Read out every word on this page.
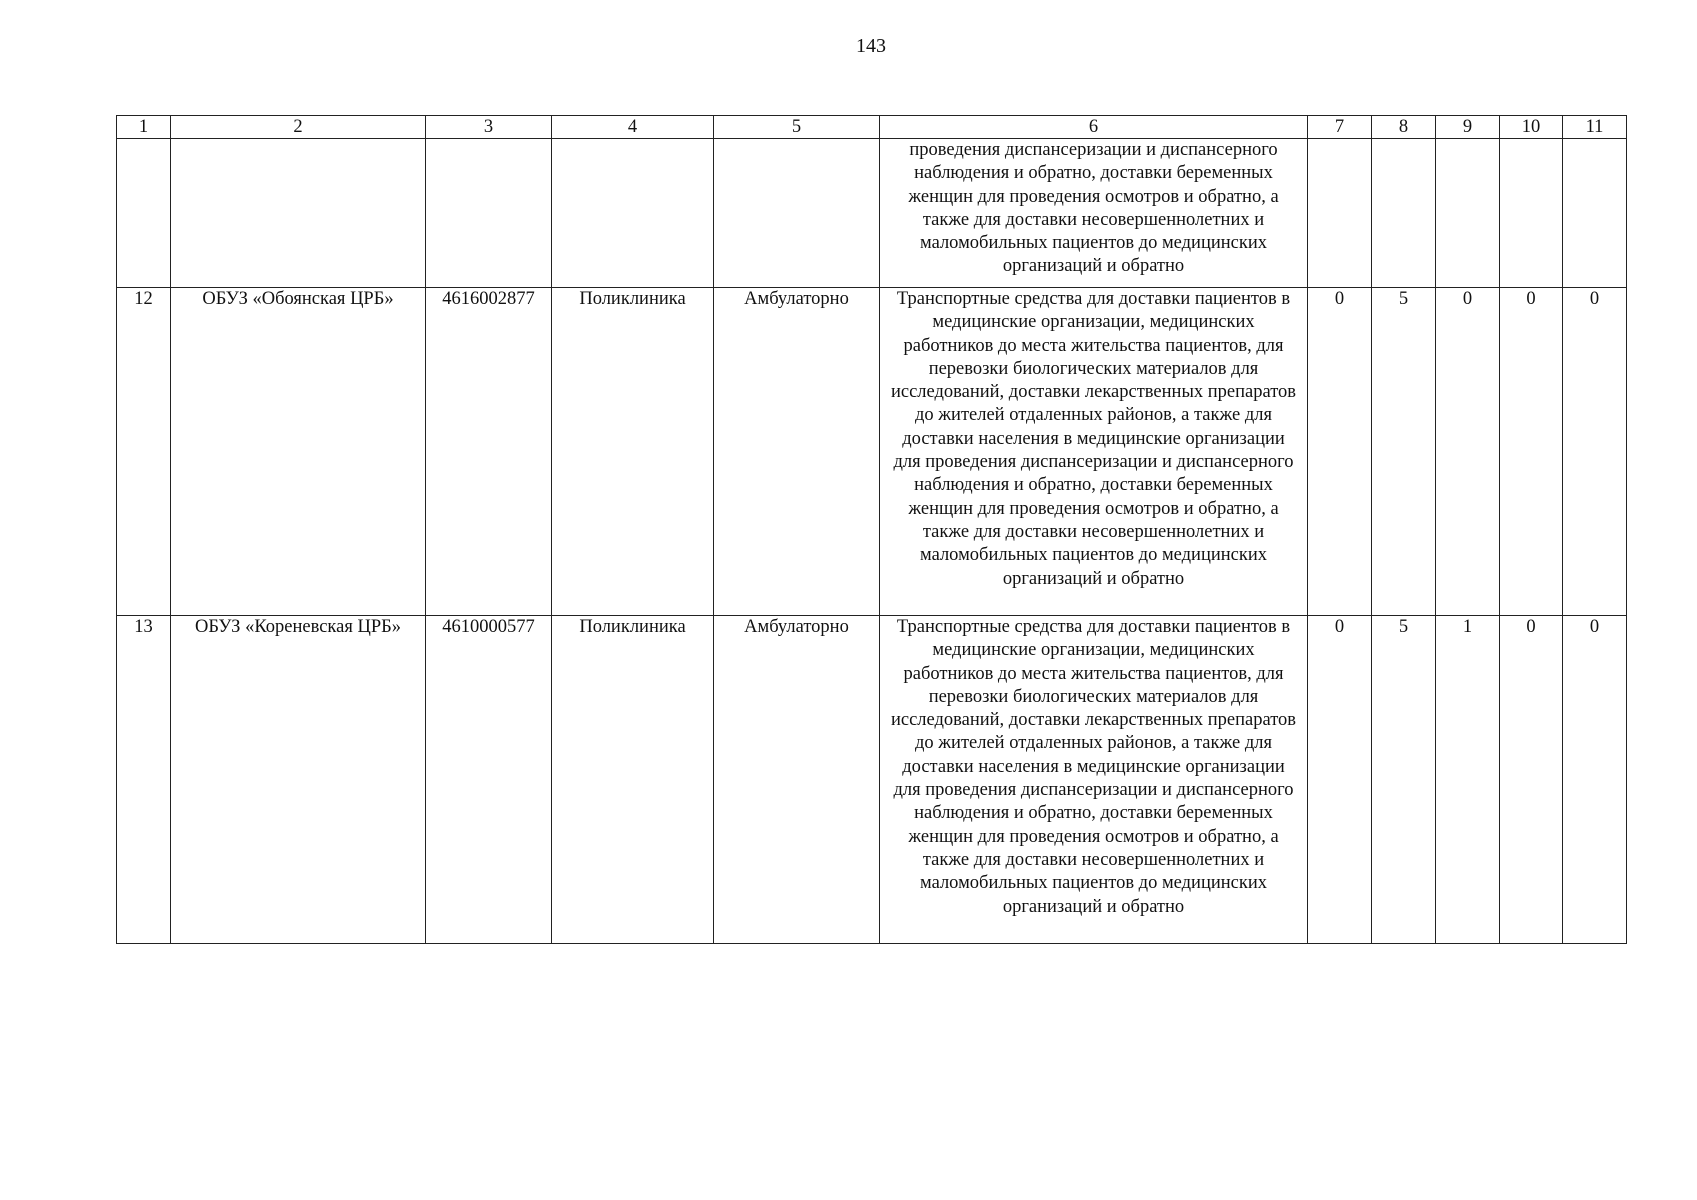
143
1	2	3	4	5	6	7	8	9	10	11
					проведения диспансеризации и диспансерного наблюдения и обратно, доставки беременных женщин для проведения осмотров и обратно, а также для доставки несовершеннолетних и маломобильных пациентов до медицинских организаций и обратно					
12	ОБУЗ «Обоянская ЦРБ»	4616002877	Поликлиника	Амбулаторно	Транспортные средства для доставки пациентов в медицинские организации, медицинских работников до места жительства пациентов, для перевозки биологических материалов для исследований, доставки лекарственных препаратов до жителей отдаленных районов, а также для доставки населения в медицинские организации для проведения диспансеризации и диспансерного наблюдения и обратно, доставки беременных женщин для проведения осмотров и обратно, а также для доставки несовершеннолетних и маломобильных пациентов до медицинских организаций и обратно	0	5	0	0	0
13	ОБУЗ «Кореневская ЦРБ»	4610000577	Поликлиника	Амбулаторно	Транспортные средства для доставки пациентов в медицинские организации, медицинских работников до места жительства пациентов, для перевозки биологических материалов для исследований, доставки лекарственных препаратов до жителей отдаленных районов, а также для доставки населения в медицинские организации для проведения диспансеризации и диспансерного наблюдения и обратно, доставки беременных женщин для проведения осмотров и обратно, а также для доставки несовершеннолетних и маломобильных пациентов до медицинских организаций и обратно	0	5	1	0	0
